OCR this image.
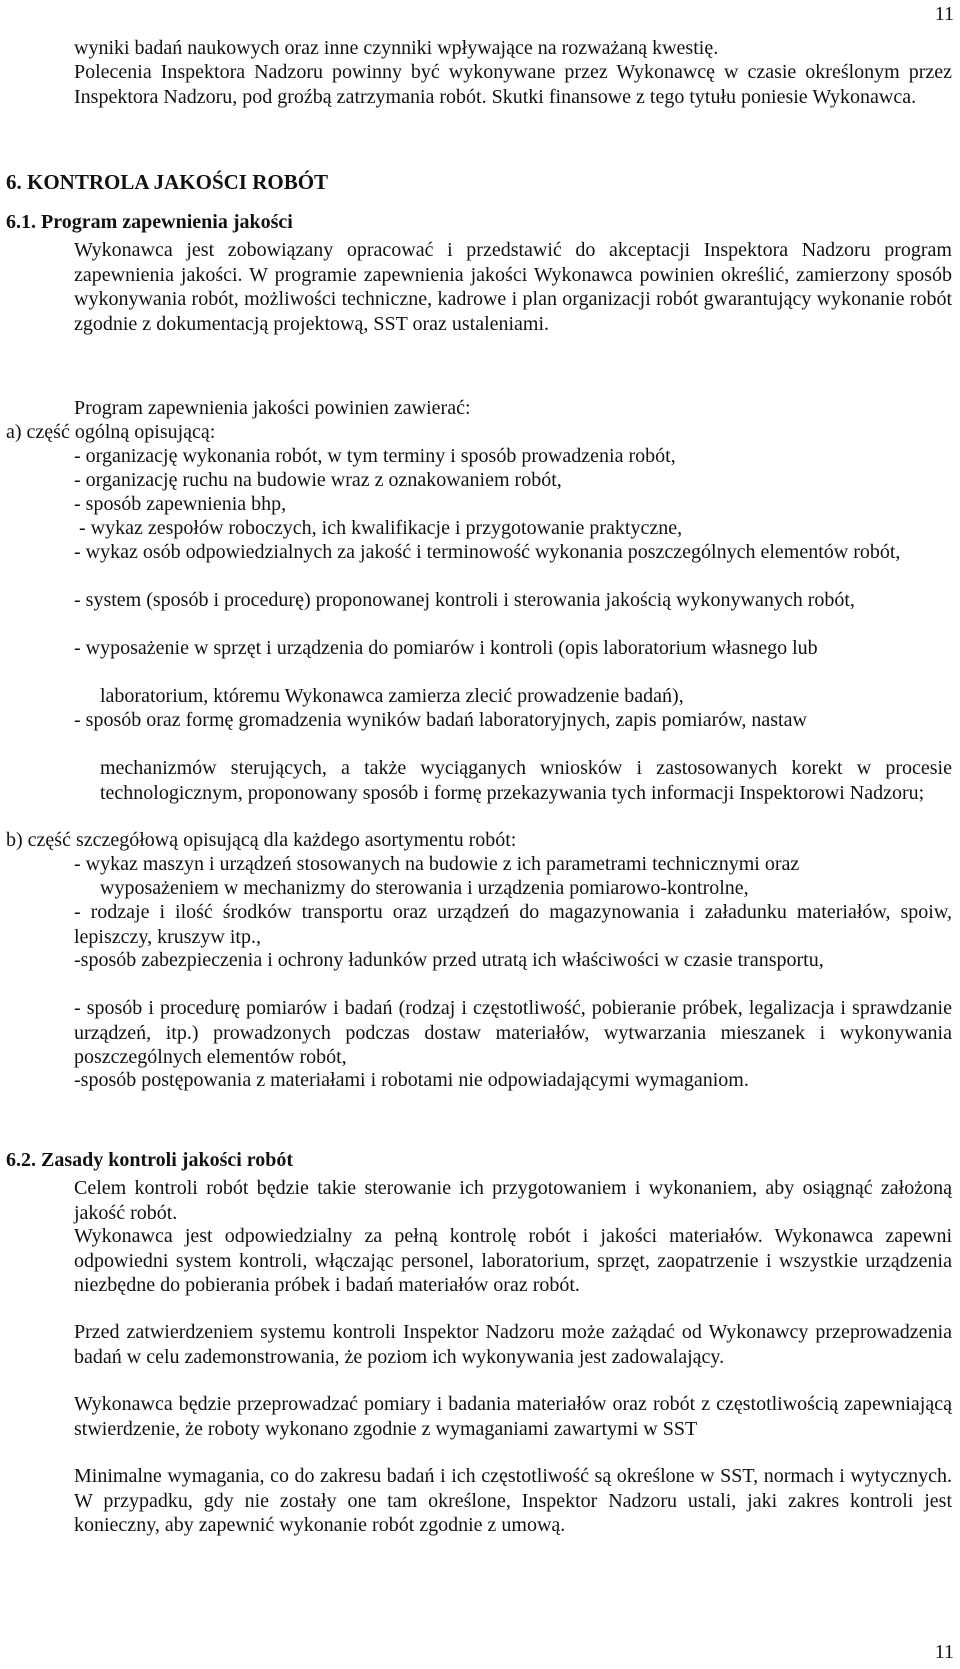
11
wyniki badań naukowych oraz inne czynniki wpływające na rozważaną kwestię.
Polecenia Inspektora Nadzoru powinny być wykonywane przez Wykonawcę w czasie określonym przez Inspektora Nadzoru, pod groźbą zatrzymania robót. Skutki finansowe z tego tytułu poniesie Wykonawca.
6. KONTROLA JAKOŚCI ROBÓT
6.1. Program zapewnienia jakości
Wykonawca jest zobowiązany opracować i przedstawić do akceptacji Inspektora Nadzoru program zapewnienia jakości. W programie zapewnienia jakości Wykonawca powinien określić, zamierzony sposób wykonywania robót, możliwości techniczne, kadrowe i plan organizacji robót gwarantujący wykonanie robót zgodnie z dokumentacją projektową, SST oraz ustaleniami.
Program zapewnienia jakości powinien zawierać:
a) część ogólną opisującą:
- organizację wykonania robót, w tym terminy i sposób prowadzenia robót,
- organizację ruchu na budowie wraz z oznakowaniem robót,
- sposób zapewnienia bhp,
- wykaz zespołów roboczych, ich kwalifikacje i przygotowanie praktyczne,
- wykaz osób odpowiedzialnych za jakość i terminowość wykonania poszczególnych elementów robót,
- system (sposób i procedurę) proponowanej kontroli i sterowania jakością wykonywanych robót,
- wyposażenie w sprzęt i urządzenia do pomiarów i kontroli (opis laboratorium własnego lub
laboratorium, któremu Wykonawca zamierza zlecić prowadzenie badań),
- sposób oraz formę gromadzenia wyników badań laboratoryjnych, zapis pomiarów, nastaw
mechanizmów sterujących, a także wyciąganych wniosków i zastosowanych korekt w procesie technologicznym, proponowany sposób i formę przekazywania tych informacji Inspektorowi Nadzoru;
b) część szczegółową opisującą dla każdego asortymentu robót:
- wykaz maszyn i urządzeń stosowanych na budowie z ich parametrami technicznymi oraz
wyposażeniem w mechanizmy do sterowania i urządzenia pomiarowo-kontrolne,
- rodzaje i ilość środków transportu oraz urządzeń do magazynowania i załadunku materiałów, spoiw, lepiszczy, kruszyw itp.,
-sposób zabezpieczenia i ochrony ładunków przed utratą ich właściwości w czasie transportu,
- sposób i procedurę pomiarów i badań (rodzaj i częstotliwość, pobieranie próbek, legalizacja i sprawdzanie urządzeń, itp.) prowadzonych podczas dostaw materiałów, wytwarzania mieszanek i wykonywania poszczególnych elementów robót,
-sposób postępowania z materiałami i robotami nie odpowiadającymi wymaganiom.
6.2. Zasady kontroli jakości robót
Celem kontroli robót będzie takie sterowanie ich przygotowaniem i wykonaniem, aby osiągnąć założoną jakość robót.
Wykonawca jest odpowiedzialny za pełną kontrolę robót i jakości materiałów. Wykonawca zapewni odpowiedni system kontroli, włączając personel, laboratorium, sprzęt, zaopatrzenie i wszystkie urządzenia niezbędne do pobierania próbek i badań materiałów oraz robót.
Przed zatwierdzeniem systemu kontroli Inspektor Nadzoru może zażądać od Wykonawcy przeprowadzenia badań w celu zademonstrowania, że poziom ich wykonywania jest zadowalający.
Wykonawca będzie przeprowadzać pomiary i badania materiałów oraz robót z częstotliwością zapewniającą stwierdzenie, że roboty wykonano zgodnie z wymaganiami zawartymi w SST
Minimalne wymagania, co do zakresu badań i ich częstotliwość są określone w SST, normach i wytycznych. W przypadku, gdy nie zostały one tam określone, Inspektor Nadzoru ustali, jaki zakres kontroli jest konieczny, aby zapewnić wykonanie robót zgodnie z umową.
11
